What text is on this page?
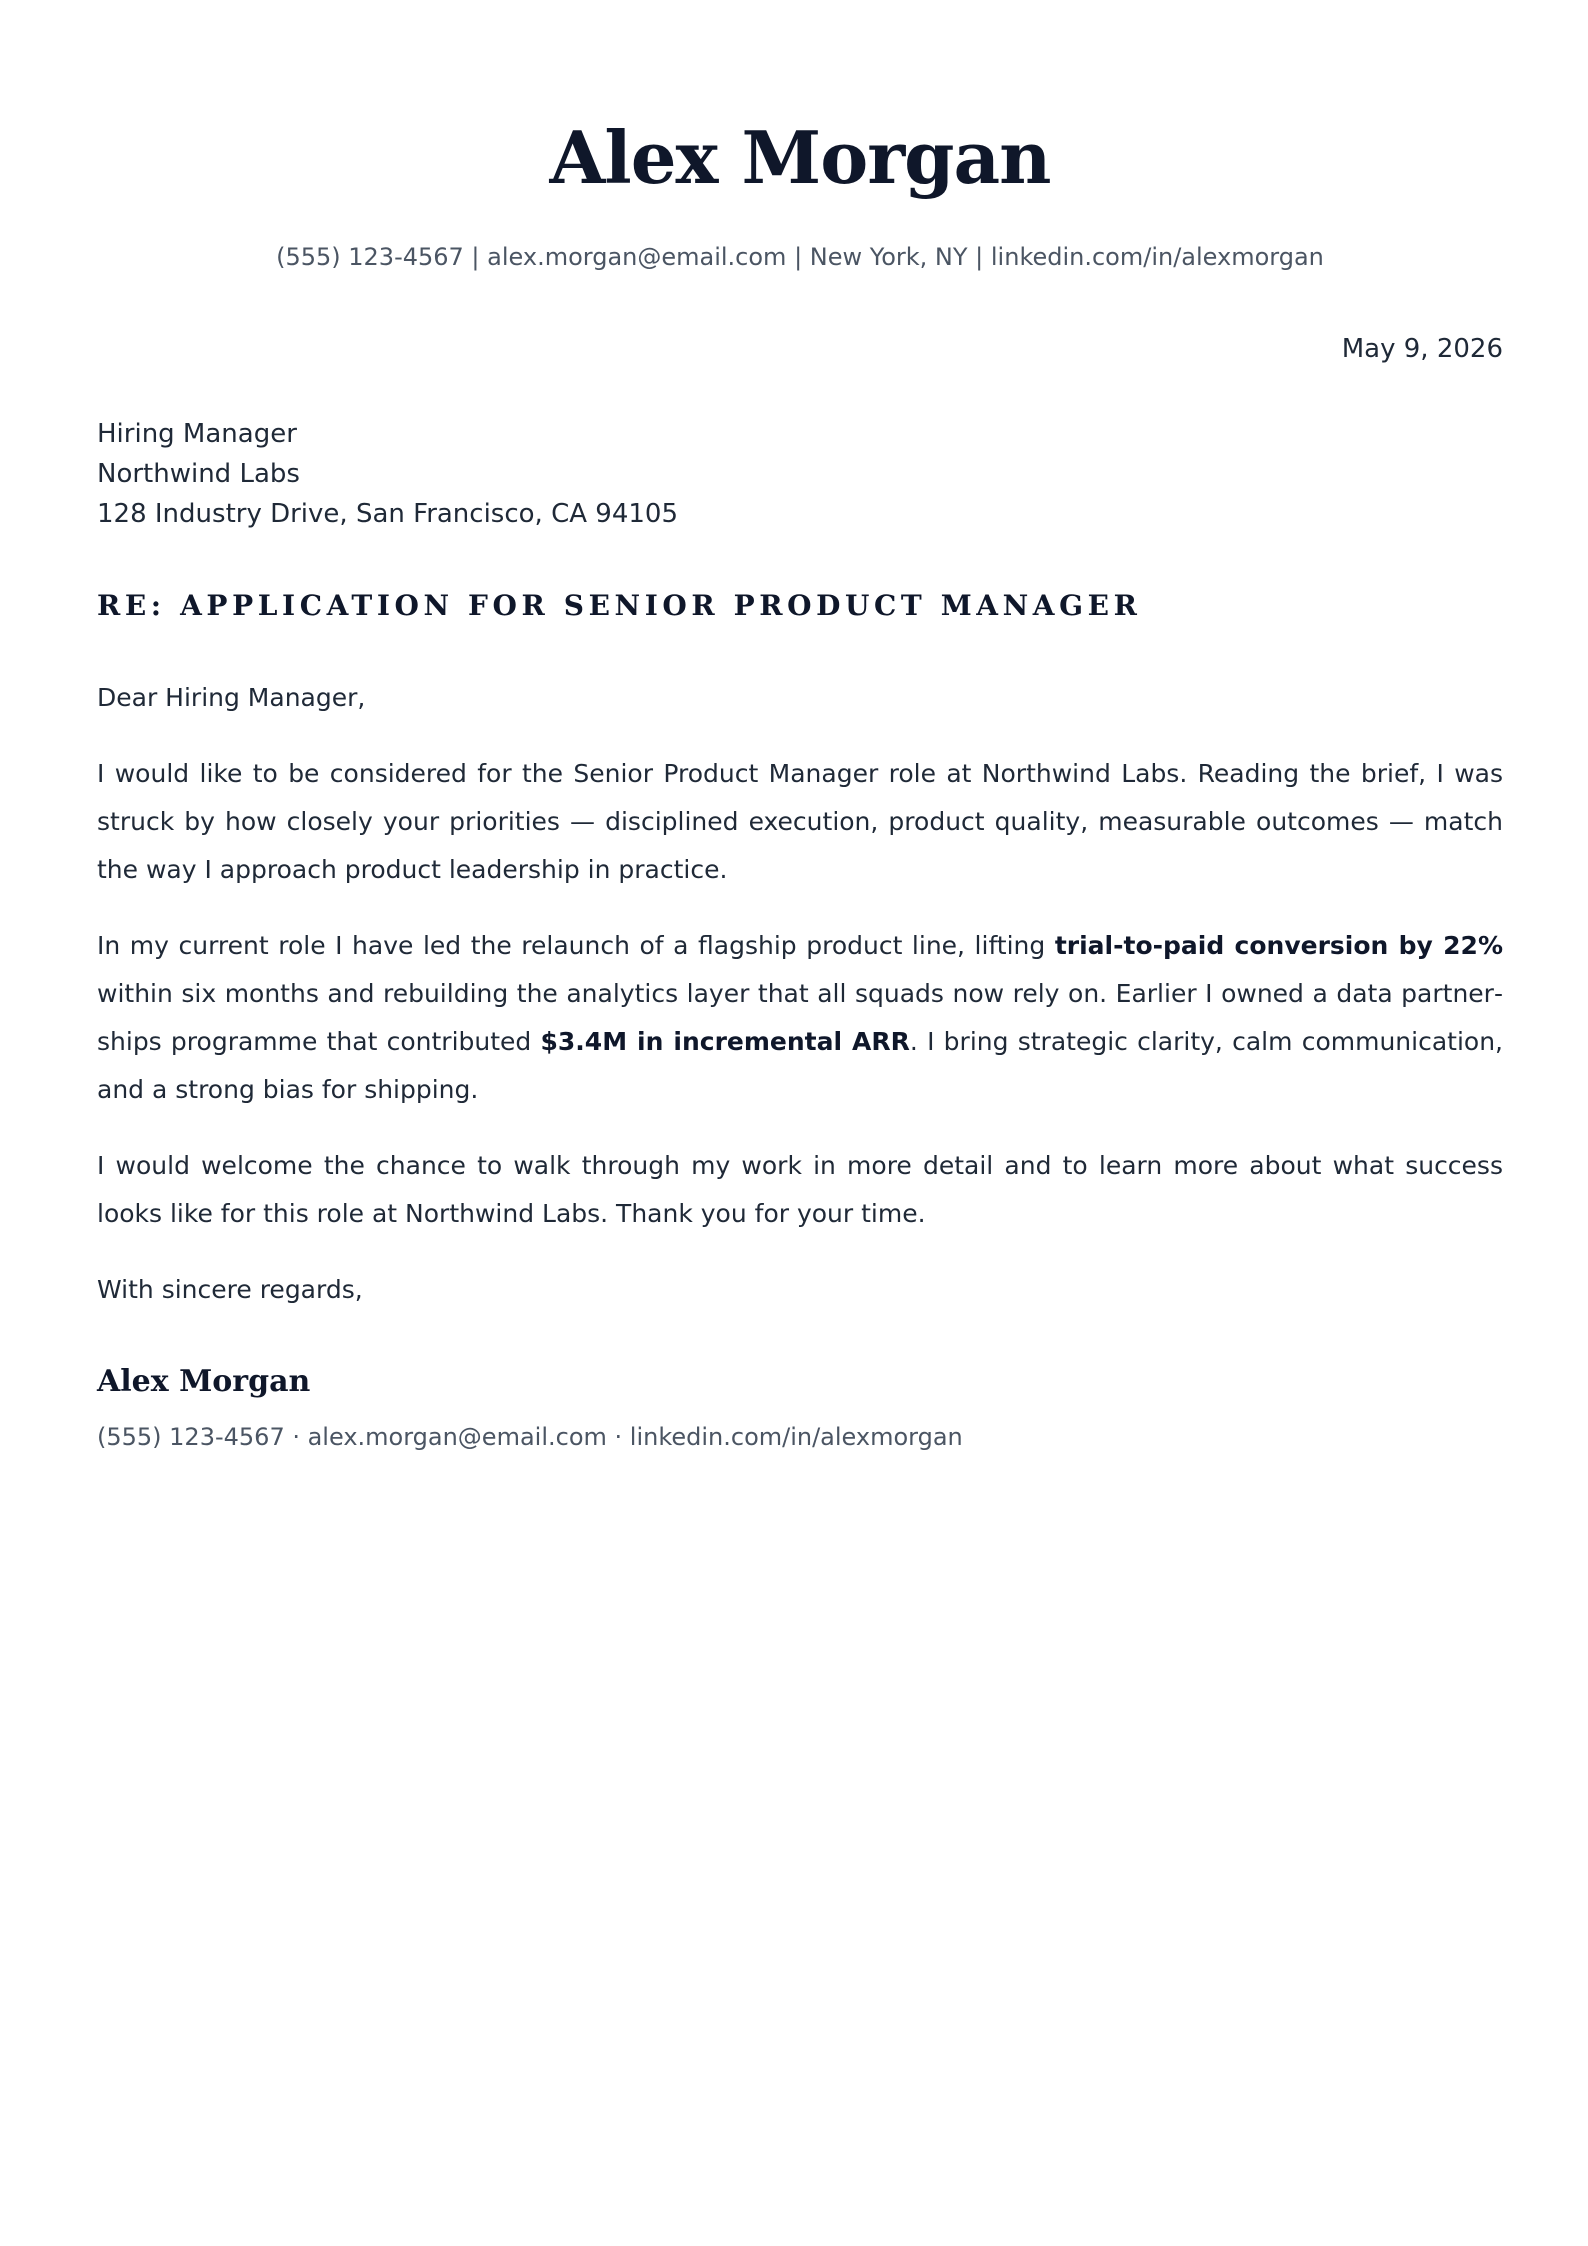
Alex Morgan
(555) 123-4567 | alex.morgan@email.com | New York, NY | linkedin.com/in/alexmorgan
May 9, 2026
Hiring Manager
Northwind Labs
128 Industry Drive, San Francisco, CA 94105
RE: APPLICATION FOR SENIOR PRODUCT MANAGER

Dear Hiring Manager,

I would like to be considered for the Senior Product Manager role at Northwind Labs. Reading the brief, I was struck by how closely your priorities — disciplined execution, product quality, measurable outcomes — match the way I approach product leadership in practice.

In my current role I have led the relaunch of a flagship product line, lifting trial-to-paid conversion by 22% within six months and rebuilding the analytics layer that all squads now rely on. Earlier I owned a data partnerships programme that contributed $3.4M in incremental ARR. I bring strategic clarity, calm communication, and a strong bias for shipping.

I would welcome the chance to walk through my work in more detail and to learn more about what success looks like for this role at Northwind Labs. Thank you for your time.

With sincere regards,

Alex Morgan
(555) 123-4567 · alex.morgan@email.com · linkedin.com/in/alexmorgan
